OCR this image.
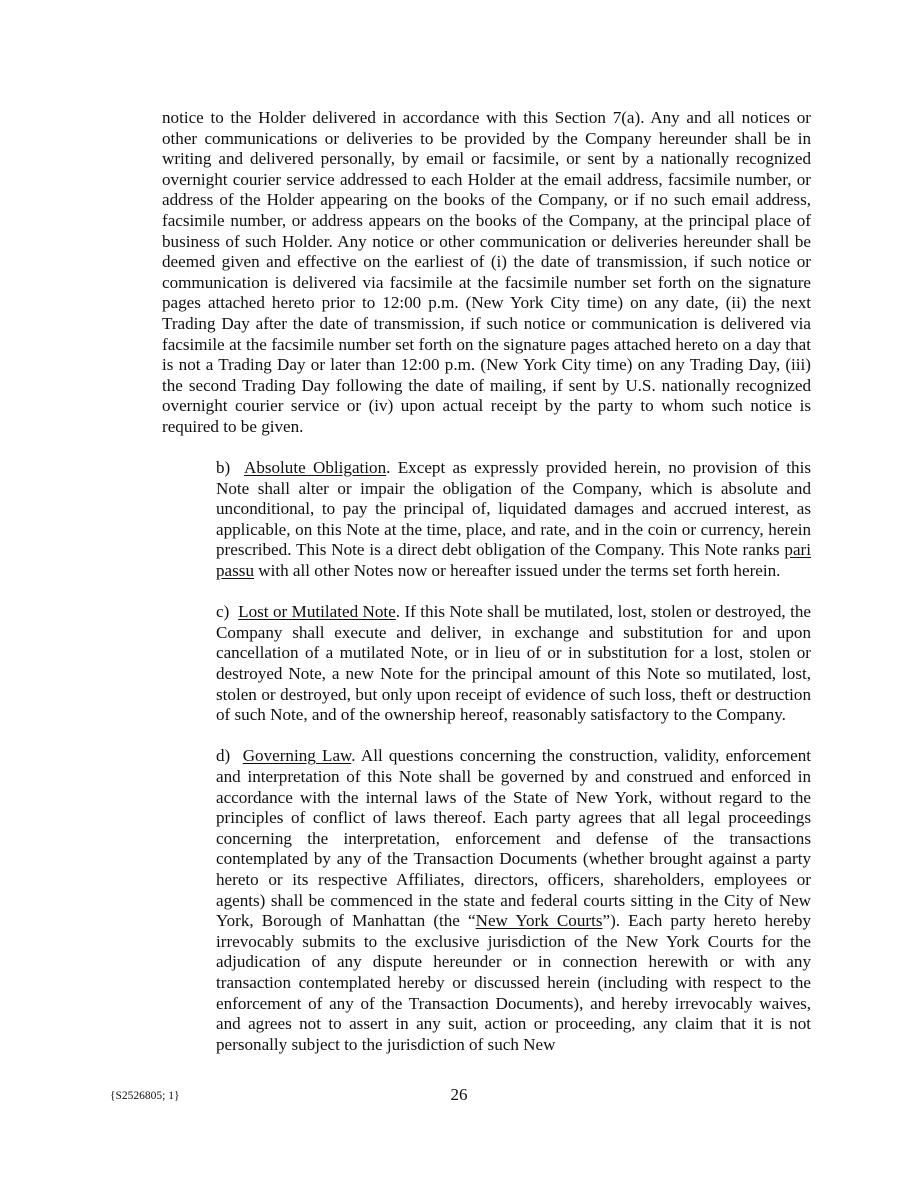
notice to the Holder delivered in accordance with this Section 7(a). Any and all notices or other communications or deliveries to be provided by the Company hereunder shall be in writing and delivered personally, by email or facsimile, or sent by a nationally recognized overnight courier service addressed to each Holder at the email address, facsimile number, or address of the Holder appearing on the books of the Company, or if no such email address, facsimile number, or address appears on the books of the Company, at the principal place of business of such Holder. Any notice or other communication or deliveries hereunder shall be deemed given and effective on the earliest of (i) the date of transmission, if such notice or communication is delivered via facsimile at the facsimile number set forth on the signature pages attached hereto prior to 12:00 p.m. (New York City time) on any date, (ii) the next Trading Day after the date of transmission, if such notice or communication is delivered via facsimile at the facsimile number set forth on the signature pages attached hereto on a day that is not a Trading Day or later than 12:00 p.m. (New York City time) on any Trading Day, (iii) the second Trading Day following the date of mailing, if sent by U.S. nationally recognized overnight courier service or (iv) upon actual receipt by the party to whom such notice is required to be given.

b) Absolute Obligation. Except as expressly provided herein, no provision of this Note shall alter or impair the obligation of the Company, which is absolute and unconditional, to pay the principal of, liquidated damages and accrued interest, as applicable, on this Note at the time, place, and rate, and in the coin or currency, herein prescribed. This Note is a direct debt obligation of the Company. This Note ranks pari passu with all other Notes now or hereafter issued under the terms set forth herein.

c) Lost or Mutilated Note. If this Note shall be mutilated, lost, stolen or destroyed, the Company shall execute and deliver, in exchange and substitution for and upon cancellation of a mutilated Note, or in lieu of or in substitution for a lost, stolen or destroyed Note, a new Note for the principal amount of this Note so mutilated, lost, stolen or destroyed, but only upon receipt of evidence of such loss, theft or destruction of such Note, and of the ownership hereof, reasonably satisfactory to the Company.

d) Governing Law. All questions concerning the construction, validity, enforcement and interpretation of this Note shall be governed by and construed and enforced in accordance with the internal laws of the State of New York, without regard to the principles of conflict of laws thereof. Each party agrees that all legal proceedings concerning the interpretation, enforcement and defense of the transactions contemplated by any of the Transaction Documents (whether brought against a party hereto or its respective Affiliates, directors, officers, shareholders, employees or agents) shall be commenced in the state and federal courts sitting in the City of New York, Borough of Manhattan (the “New York Courts”). Each party hereto hereby irrevocably submits to the exclusive jurisdiction of the New York Courts for the adjudication of any dispute hereunder or in connection herewith or with any transaction contemplated hereby or discussed herein (including with respect to the enforcement of any of the Transaction Documents), and hereby irrevocably waives, and agrees not to assert in any suit, action or proceeding, any claim that it is not personally subject to the jurisdiction of such New

{S2526805; 1}	26
